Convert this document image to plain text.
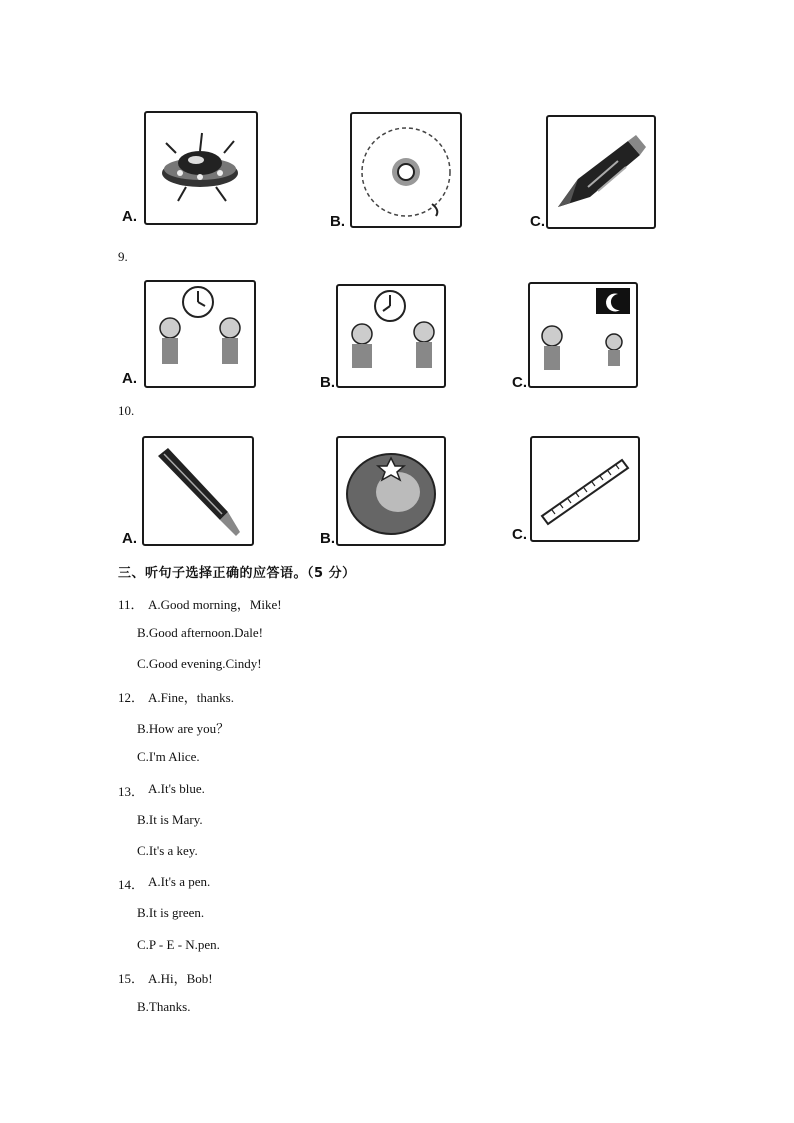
A.	B.	C.
9.
A.	B.	C.
10.
A.	B.	C.
三、听句子选择正确的应答语。（5 分）
11． A.Good morning，Mike!
B.Good afternoon.Dale!
C.Good evening.Cindy!
12． A.Fine，thanks.
B.How are you？
C.I'm Alice.
13． A.It's blue.
B.It is Mary.
C.It's a key.
14． A.It's a pen.
B.It is green.
C.P - E - N.pen.
15． A.Hi，Bob!
B.Thanks.
